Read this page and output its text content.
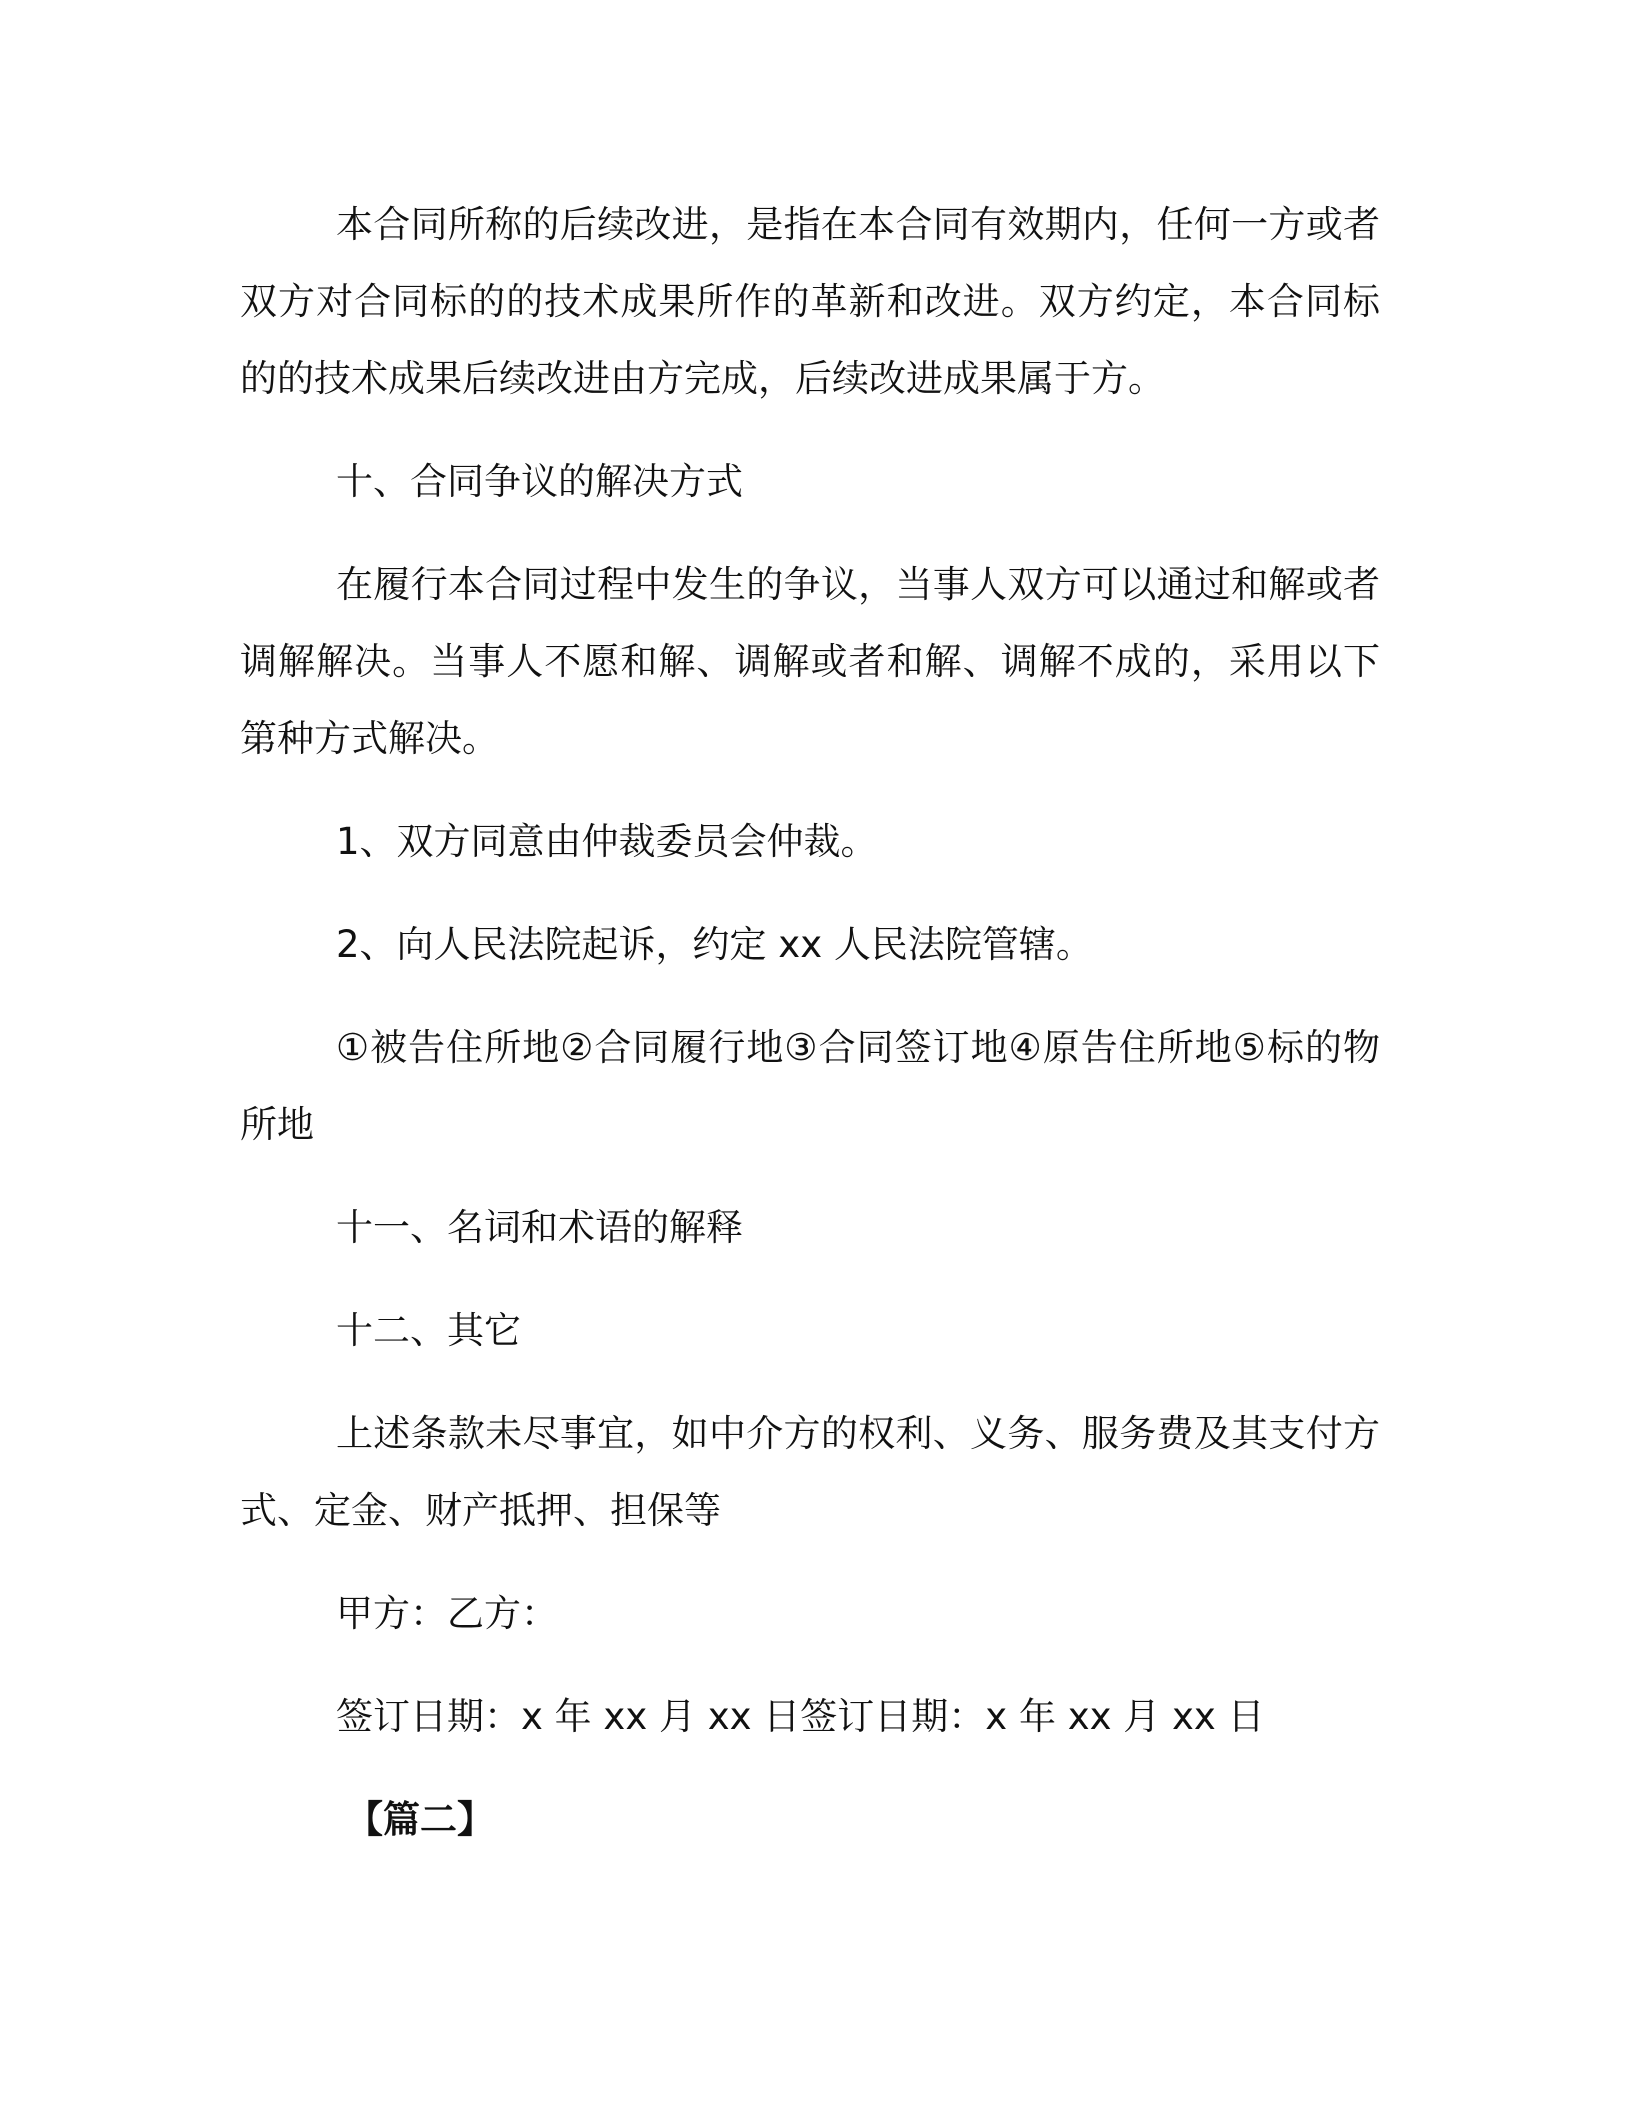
本合同所称的后续改进，是指在本合同有效期内，任何一方或者双方对合同标的的技术成果所作的革新和改进。双方约定，本合同标的的技术成果后续改进由方完成，后续改进成果属于方。

十、合同争议的解决方式

在履行本合同过程中发生的争议，当事人双方可以通过和解或者调解解决。当事人不愿和解、调解或者和解、调解不成的，采用以下第种方式解决。

1、双方同意由仲裁委员会仲裁。

2、向人民法院起诉，约定 xx 人民法院管辖。

①被告住所地②合同履行地③合同签订地④原告住所地⑤标的物所地

十一、名词和术语的解释

十二、其它

上述条款未尽事宜，如中介方的权利、义务、服务费及其支付方式、定金、财产抵押、担保等

甲方：乙方：

签订日期：x 年 xx 月 xx 日签订日期：x 年 xx 月 xx 日

【篇二】
